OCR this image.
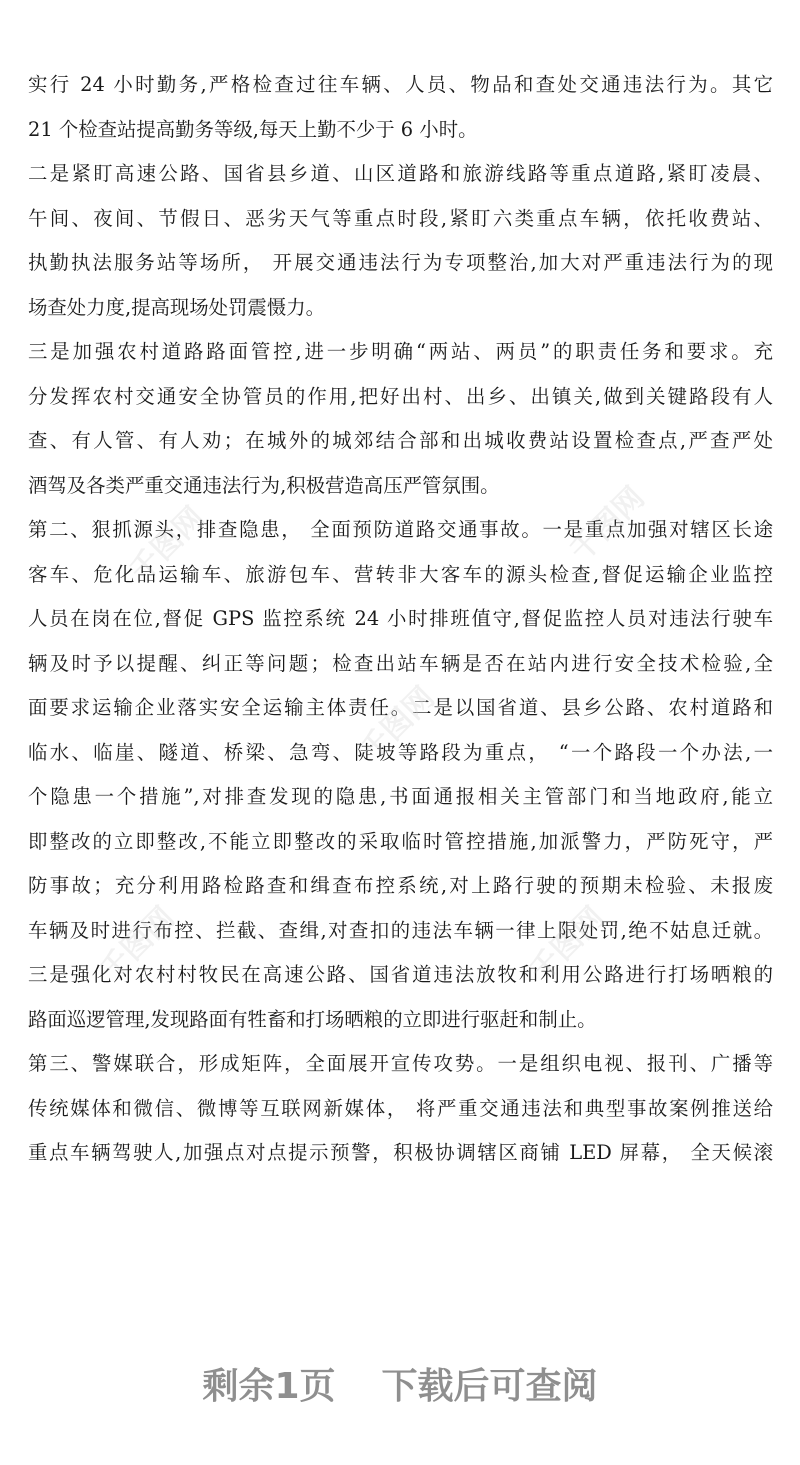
实行 24 小时勤务,严格检查过往车辆、人员、物品和查处交通违法行为。其它
21 个检查站提高勤务等级,每天上勤不少于 6 小时。
二是紧盯高速公路、国省县乡道、山区道路和旅游线路等重点道路,紧盯凌晨、
午间、夜间、节假日、恶劣天气等重点时段,紧盯六类重点车辆，依托收费站、
执勤执法服务站等场所， 开展交通违法行为专项整治,加大对严重违法行为的现
场查处力度,提高现场处罚震慑力。
三是加强农村道路路面管控,进一步明确“两站、两员”的职责任务和要求。充
分发挥农村交通安全协管员的作用,把好出村、出乡、出镇关,做到关键路段有人
查、有人管、有人劝；在城外的城郊结合部和出城收费站设置检查点,严查严处
酒驾及各类严重交通违法行为,积极营造高压严管氛围。
第二、狠抓源头，排查隐患， 全面预防道路交通事故。一是重点加强对辖区长途
客车、危化品运输车、旅游包车、营转非大客车的源头检查,督促运输企业监控
人员在岗在位,督促 GPS 监控系统 24 小时排班值守,督促监控人员对违法行驶车
辆及时予以提醒、纠正等问题；检查出站车辆是否在站内进行安全技术检验,全
面要求运输企业落实安全运输主体责任。二是以国省道、县乡公路、农村道路和
临水、临崖、隧道、桥梁、急弯、陡坡等路段为重点， “一个路段一个办法,一
个隐患一个措施”,对排查发现的隐患,书面通报相关主管部门和当地政府,能立
即整改的立即整改,不能立即整改的采取临时管控措施,加派警力，严防死守，严
防事故；充分利用路检路查和缉查布控系统,对上路行驶的预期未检验、未报废
车辆及时进行布控、拦截、查缉,对查扣的违法车辆一律上限处罚,绝不姑息迁就。
三是强化对农村村牧民在高速公路、国省道违法放牧和利用公路进行打场晒粮的
路面巡逻管理,发现路面有牲畜和打场晒粮的立即进行驱赶和制止。
第三、警媒联合，形成矩阵，全面展开宣传攻势。一是组织电视、报刊、广播等
传统媒体和微信、微博等互联网新媒体， 将严重交通违法和典型事故案例推送给
重点车辆驾驶人,加强点对点提示预警，积极协调辖区商铺 LED 屏幕， 全天候滚
千图网	千图网
千图网
千图网	千图网
剩余1页 下载后可查阅
